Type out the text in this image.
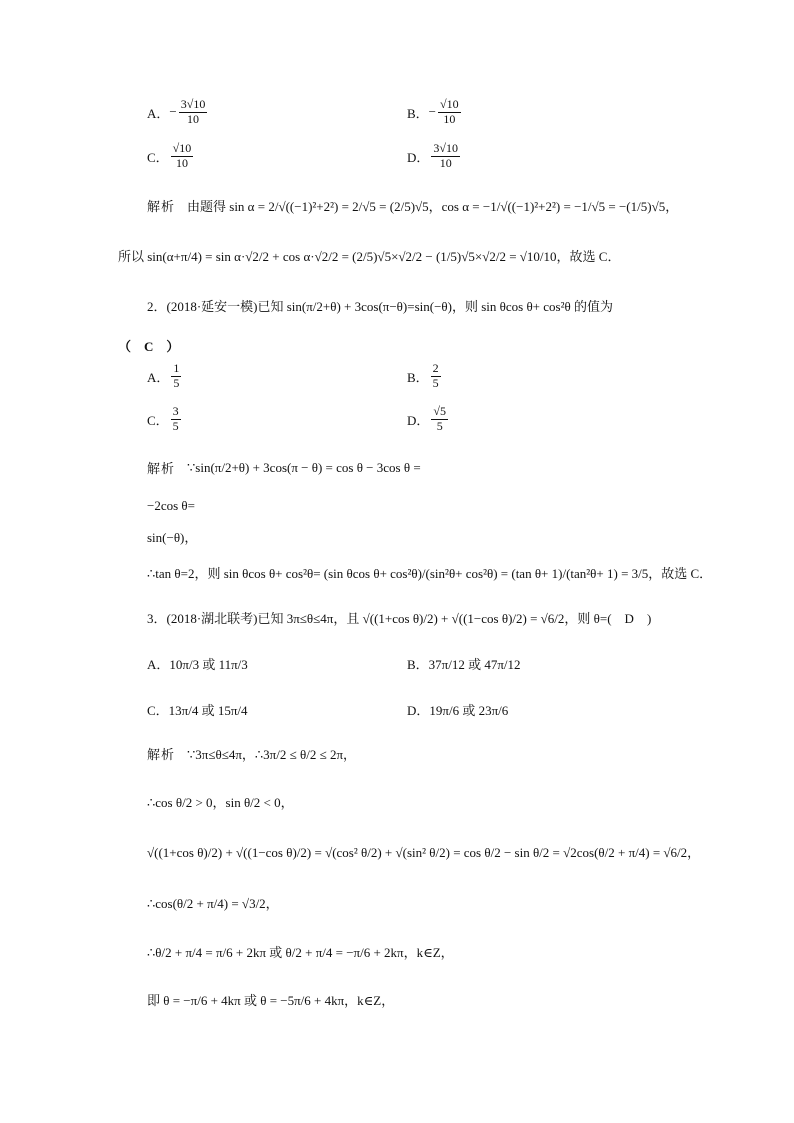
A． − $\frac{3√10}{10}$	B． − $\frac{√10}{10}$
C． $\frac{√10}{10}$	D． $\frac{3√10}{10}$
解析 由题得 sin α = 2/√((−1)²+2²) = 2/√5 = (2/5)√5，cos α = −1/√((−1)²+2²) = −1/√5 = −(1/5)√5，
所以 sin(α+π/4) = sin α·√2/2 + cos α·√2/2 = (2/5)√5×√2/2 − (1/5)√5×√2/2 = √10/10，故选 C．
2．(2018·延安一模)已知 sin(π/2+θ) + 3cos(π−θ)=sin(−θ)，则 sin θcos θ+ cos²θ 的值为
（　C　）
A． $\frac{1}{5}$	B． $\frac{2}{5}$
C． $\frac{3}{5}$	D． $\frac{√5}{5}$
解析 ∵sin(π/2+θ) + 3cos(π − θ) = cos θ − 3cos θ =
−2cos θ=
sin(−θ)，
∴tan θ=2，则 sin θcos θ+ cos²θ= (sin θcos θ+ cos²θ)/(sin²θ+ cos²θ) = (tan θ+ 1)/(tan²θ+ 1) = 3/5，故选 C．
3．(2018·湖北联考)已知 3π≤θ≤4π，且 √((1+cos θ)/2) + √((1−cos θ)/2) = √6/2，则 θ=(　D　)
A． 10π/3 或 11π/3	B． 37π/12 或 47π/12
C． 13π/4 或 15π/4	D． 19π/6 或 23π/6
解析 ∵3π≤θ≤4π，∴3π/2 ≤ θ/2 ≤ 2π，
∴cos θ/2 > 0，sin θ/2 < 0，
√((1+cos θ)/2) + √((1−cos θ)/2) = √(cos² θ/2) + √(sin² θ/2) = cos θ/2 − sin θ/2 = √2cos(θ/2 + π/4) = √6/2，
∴cos(θ/2 + π/4) = √3/2，
∴θ/2 + π/4 = π/6 + 2kπ 或 θ/2 + π/4 = −π/6 + 2kπ，k∈Z，
即 θ = −π/6 + 4kπ 或 θ = −5π/6 + 4kπ，k∈Z，
